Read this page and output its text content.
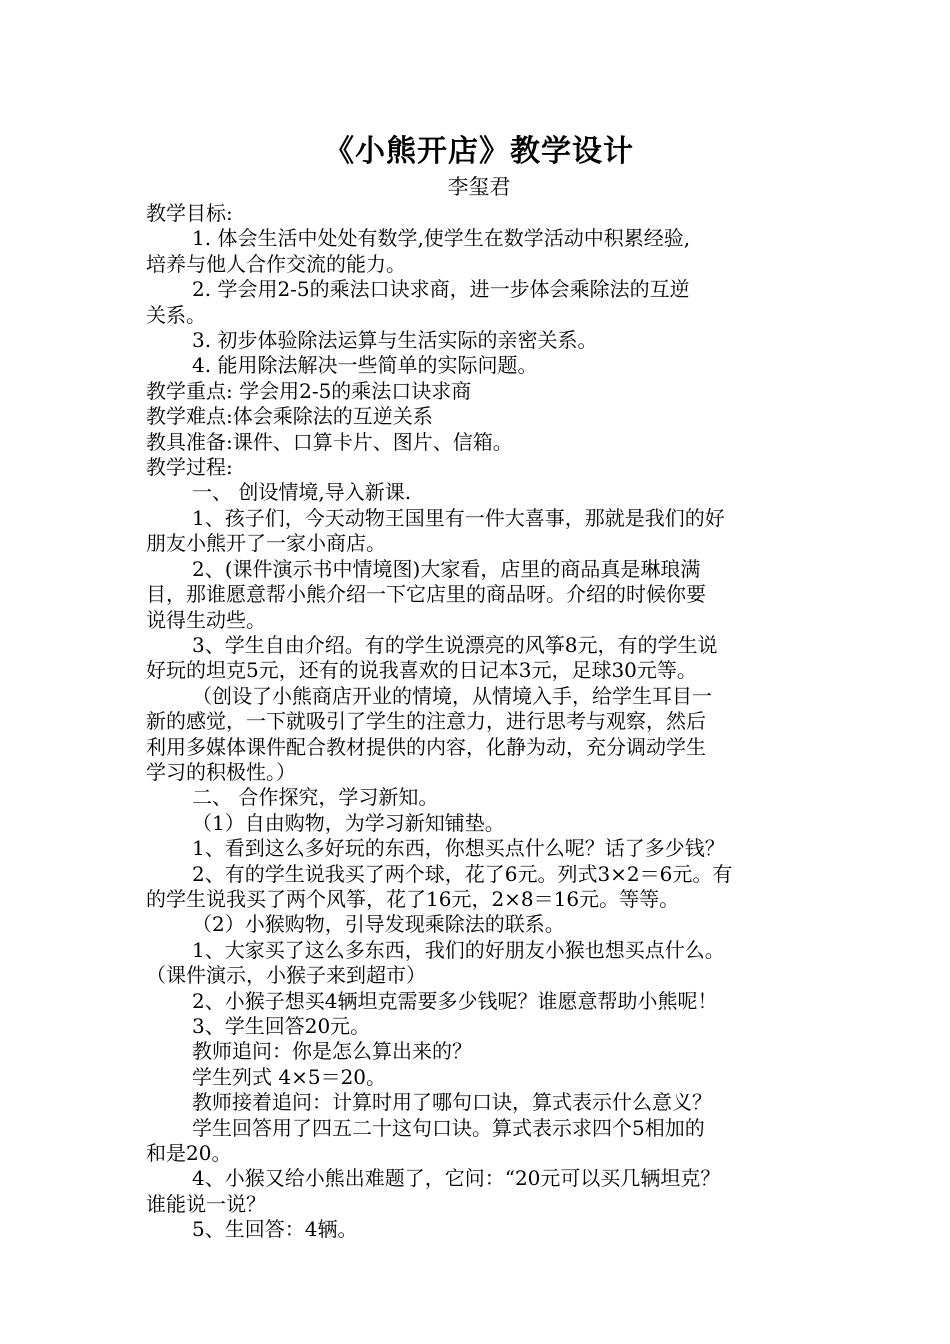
《小熊开店》教学设计

李玺君

教学目标:

1. 体会生活中处处有数学,使学生在数学活动中积累经验,

培养与他人合作交流的能力。

2. 学会用2-5的乘法口诀求商，进一步体会乘除法的互逆

关系。

3. 初步体验除法运算与生活实际的亲密关系。

4. 能用除法解决一些简单的实际问题。

教学重点: 学会用2-5的乘法口诀求商

教学难点:体会乘除法的互逆关系

教具准备:课件、口算卡片、图片、信箱。

教学过程:

一、 创设情境,导入新课.

1、孩子们，今天动物王国里有一件大喜事，那就是我们的好

朋友小熊开了一家小商店。

2、(课件演示书中情境图)大家看，店里的商品真是琳琅满

目，那谁愿意帮小熊介绍一下它店里的商品呀。介绍的时候你要

说得生动些。

3、学生自由介绍。有的学生说漂亮的风筝8元，有的学生说

好玩的坦克5元，还有的说我喜欢的日记本3元，足球30元等。

（创设了小熊商店开业的情境，从情境入手，给学生耳目一

新的感觉，一下就吸引了学生的注意力，进行思考与观察，然后

利用多媒体课件配合教材提供的内容，化静为动，充分调动学生

学习的积极性。）

二、 合作探究，学习新知。

（1）自由购物，为学习新知铺垫。

1、看到这么多好玩的东西，你想买点什么呢？话了多少钱？

2、有的学生说我买了两个球，花了6元。列式3×2＝6元。有

的学生说我买了两个风筝，花了16元，2×8＝16元。等等。

（2）小猴购物，引导发现乘除法的联系。

1、大家买了这么多东西，我们的好朋友小猴也想买点什么。

（课件演示，小猴子来到超市）

2、小猴子想买4辆坦克需要多少钱呢？谁愿意帮助小熊呢！

3、学生回答20元。

教师追问：你是怎么算出来的？

学生列式 4×5＝20。

教师接着追问：计算时用了哪句口诀，算式表示什么意义？

学生回答用了四五二十这句口诀。算式表示求四个5相加的

和是20。

4、小猴又给小熊出难题了，它问：“20元可以买几辆坦克？

谁能说一说？

5、生回答：4辆。
